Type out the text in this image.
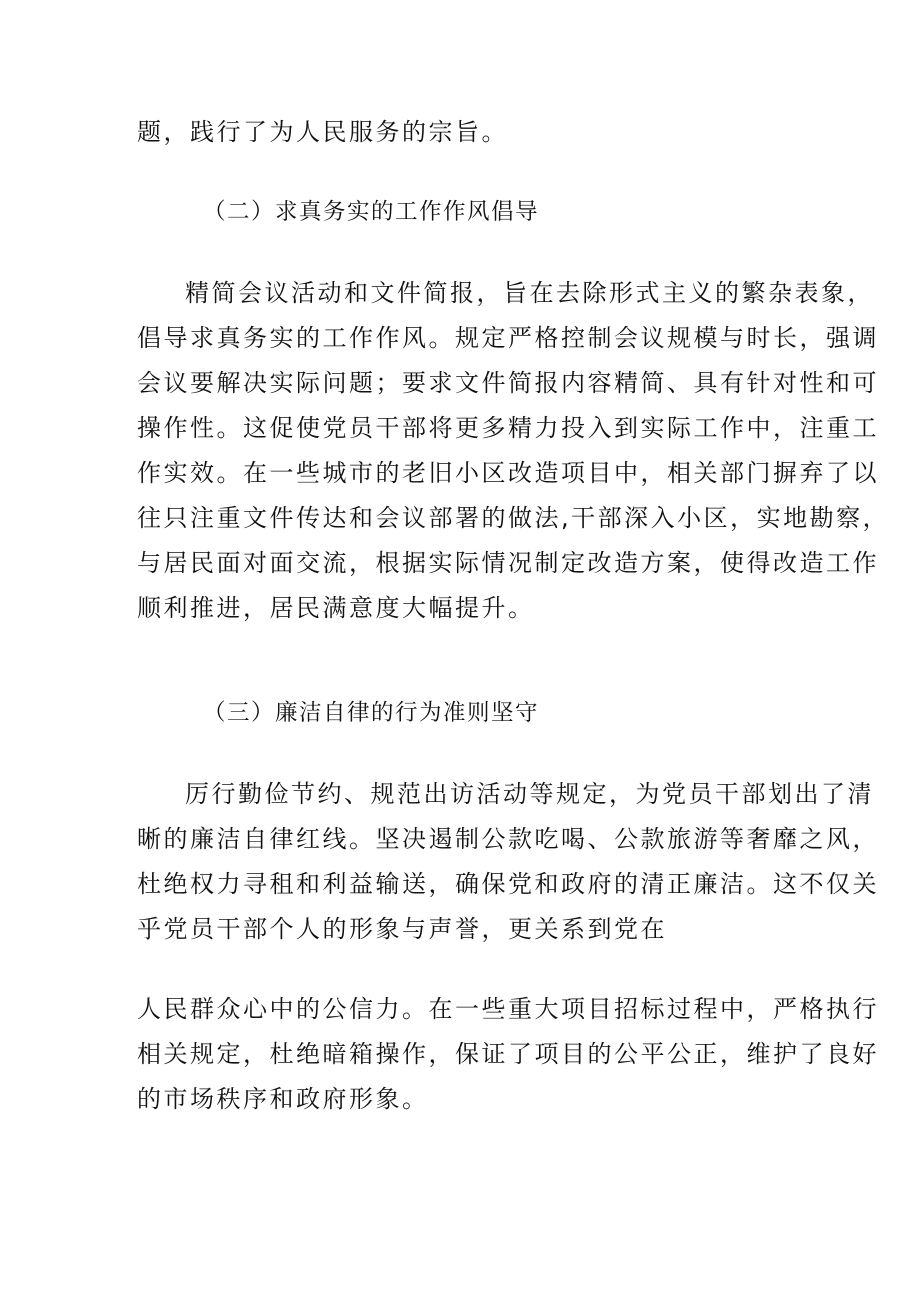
题，践行了为人民服务的宗旨。
（二）求真务实的工作作风倡导
精简会议活动和文件简报，旨在去除形式主义的繁杂表象，
倡导求真务实的工作作风。规定严格控制会议规模与时长，强调
会议要解决实际问题；要求文件简报内容精简、具有针对性和可
操作性。这促使党员干部将更多精力投入到实际工作中，注重工
作实效。在一些城市的老旧小区改造项目中，相关部门摒弃了以
往只注重文件传达和会议部署的做法,干部深入小区，实地勘察，
与居民面对面交流，根据实际情况制定改造方案，使得改造工作
顺利推进，居民满意度大幅提升。
（三）廉洁自律的行为准则坚守
厉行勤俭节约、规范出访活动等规定，为党员干部划出了清
晰的廉洁自律红线。坚决遏制公款吃喝、公款旅游等奢靡之风，
杜绝权力寻租和利益输送，确保党和政府的清正廉洁。这不仅关
乎党员干部个人的形象与声誉，更关系到党在
人民群众心中的公信力。在一些重大项目招标过程中，严格执行
相关规定，杜绝暗箱操作，保证了项目的公平公正，维护了良好
的市场秩序和政府形象。
